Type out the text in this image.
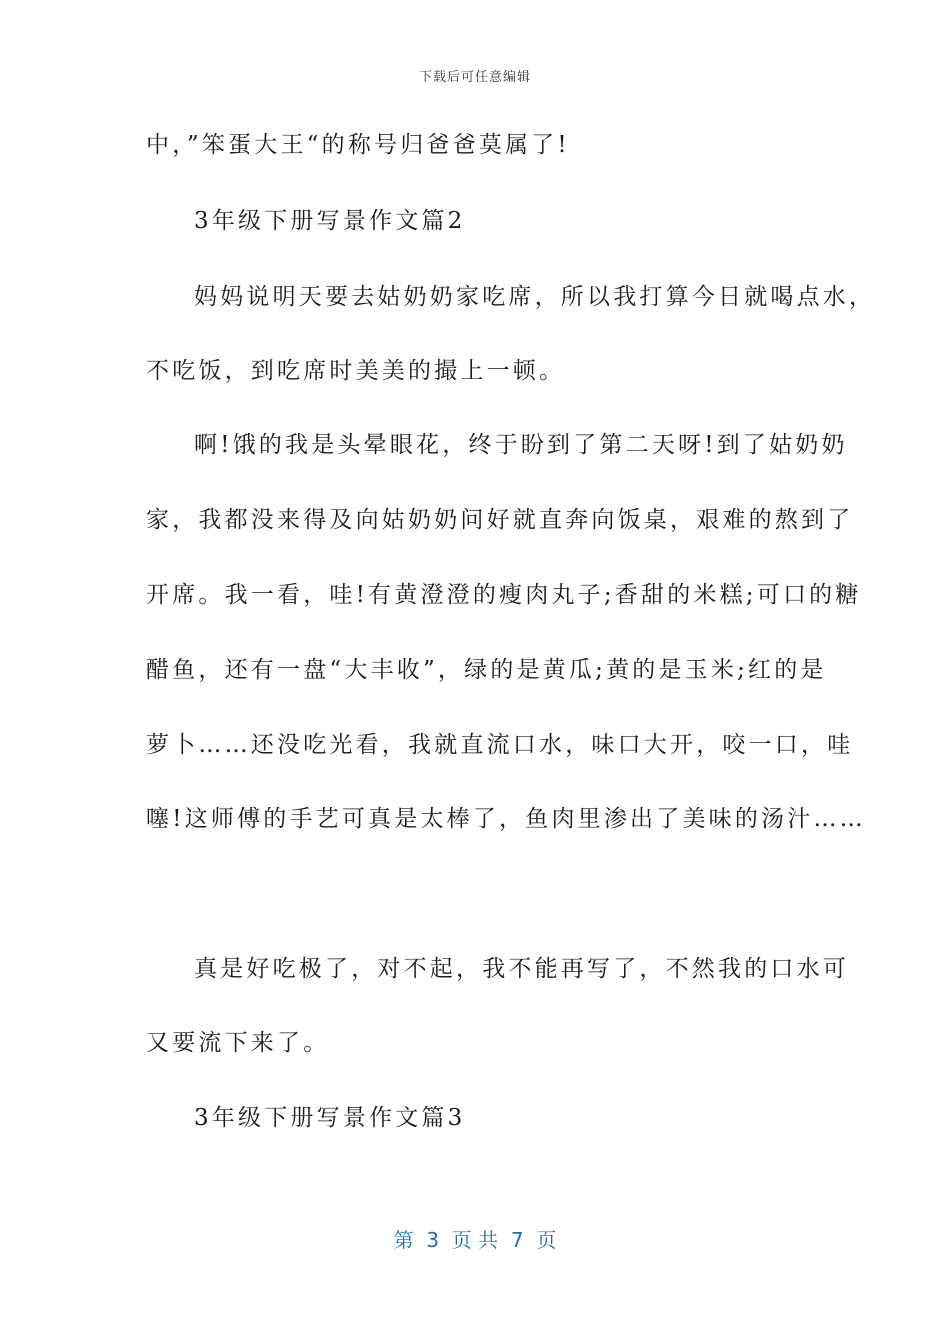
下载后可任意编辑
中，”笨蛋大王“的称号归爸爸莫属了!
3年级下册写景作文篇2
妈妈说明天要去姑奶奶家吃席，所以我打算今日就喝点水，
不吃饭，到吃席时美美的撮上一顿。
啊!饿的我是头晕眼花，终于盼到了第二天呀!到了姑奶奶
家，我都没来得及向姑奶奶问好就直奔向饭桌，艰难的熬到了
开席。我一看，哇!有黄澄澄的瘦肉丸子;香甜的米糕;可口的糖
醋鱼，还有一盘“大丰收”，绿的是黄瓜;黄的是玉米;红的是
萝卜……还没吃光看，我就直流口水，味口大开，咬一口，哇
噻!这师傅的手艺可真是太棒了，鱼肉里渗出了美味的汤汁……
真是好吃极了，对不起，我不能再写了，不然我的口水可
又要流下来了。
3年级下册写景作文篇3
第  3  页 共  7  页
